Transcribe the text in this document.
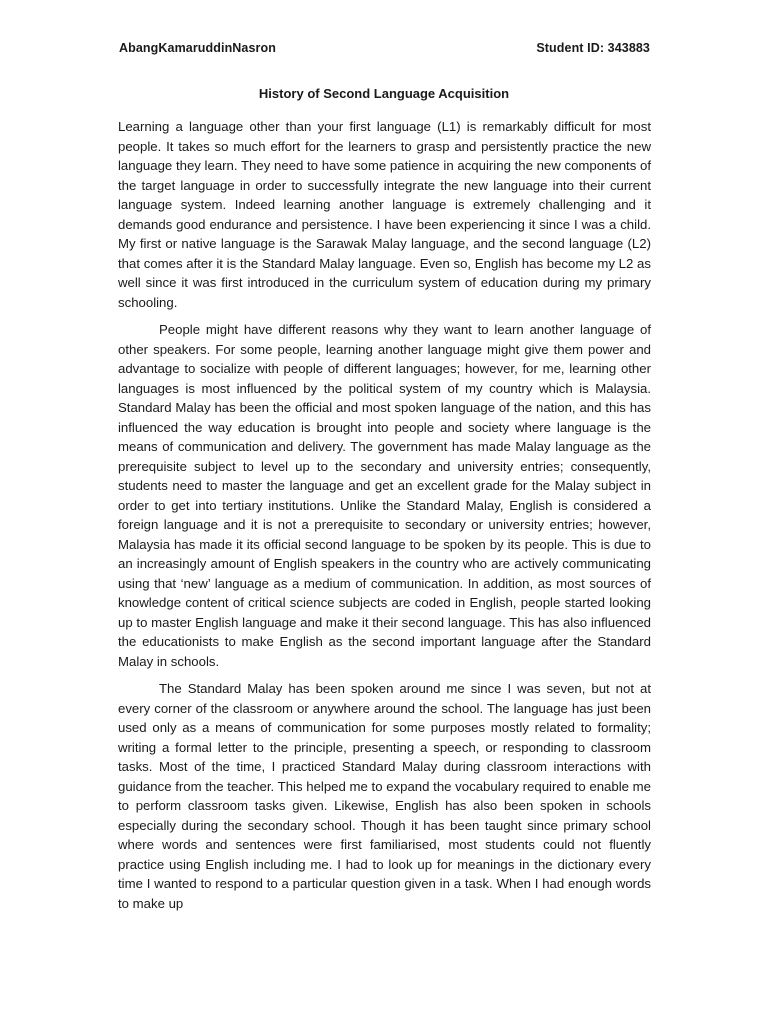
AbangKamaruddinNasron	Student ID: 343883
History of Second Language Acquisition

Learning a language other than your first language (L1) is remarkably difficult for most people. It takes so much effort for the learners to grasp and persistently practice the new language they learn. They need to have some patience in acquiring the new components of the target language in order to successfully integrate the new language into their current language system. Indeed learning another language is extremely challenging and it demands good endurance and persistence. I have been experiencing it since I was a child. My first or native language is the Sarawak Malay language, and the second language (L2) that comes after it is the Standard Malay language. Even so, English has become my L2 as well since it was first introduced in the curriculum system of education during my primary schooling.

People might have different reasons why they want to learn another language of other speakers. For some people, learning another language might give them power and advantage to socialize with people of different languages; however, for me, learning other languages is most influenced by the political system of my country which is Malaysia. Standard Malay has been the official and most spoken language of the nation, and this has influenced the way education is brought into people and society where language is the means of communication and delivery. The government has made Malay language as the prerequisite subject to level up to the secondary and university entries; consequently, students need to master the language and get an excellent grade for the Malay subject in order to get into tertiary institutions. Unlike the Standard Malay, English is considered a foreign language and it is not a prerequisite to secondary or university entries; however, Malaysia has made it its official second language to be spoken by its people. This is due to an increasingly amount of English speakers in the country who are actively communicating using that ‘new’ language as a medium of communication. In addition, as most sources of knowledge content of critical science subjects are coded in English, people started looking up to master English language and make it their second language. This has also influenced the educationists to make English as the second important language after the Standard Malay in schools.

The Standard Malay has been spoken around me since I was seven, but not at every corner of the classroom or anywhere around the school. The language has just been used only as a means of communication for some purposes mostly related to formality; writing a formal letter to the principle, presenting a speech, or responding to classroom tasks. Most of the time, I practiced Standard Malay during classroom interactions with guidance from the teacher. This helped me to expand the vocabulary required to enable me to perform classroom tasks given. Likewise, English has also been spoken in schools especially during the secondary school. Though it has been taught since primary school where words and sentences were first familiarised, most students could not fluently practice using English including me. I had to look up for meanings in the dictionary every time I wanted to respond to a particular question given in a task. When I had enough words to make up
